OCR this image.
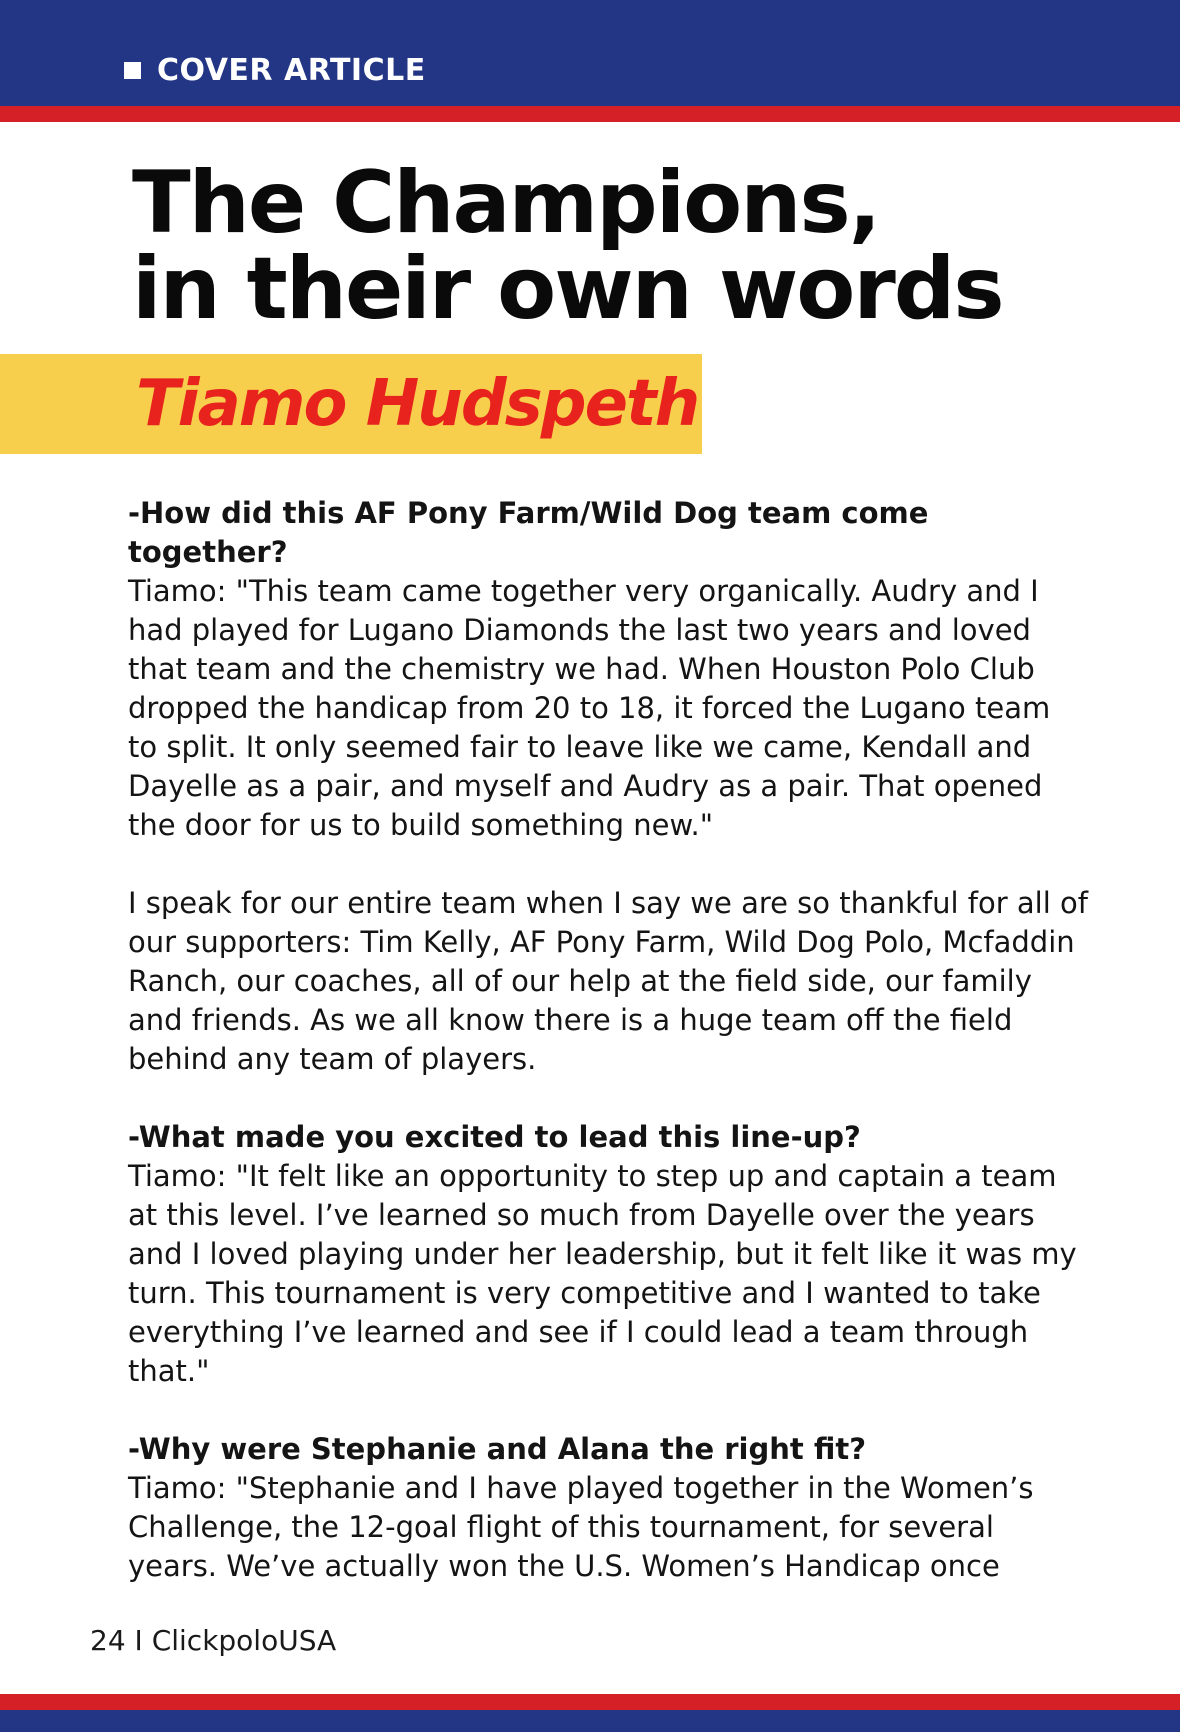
COVER ARTICLE
The Champions,
in their own words
Tiamo Hudspeth

-How did this AF Pony Farm/Wild Dog team come together?

Tiamo: "This team came together very organically. Audry and I had played for Lugano Diamonds the last two years and loved that team and the chemistry we had. When Houston Polo Club dropped the handicap from 20 to 18, it forced the Lugano team to split. It only seemed fair to leave like we came, Kendall and Dayelle as a pair, and myself and Audry as a pair. That opened the door for us to build something new."

I speak for our entire team when I say we are so thankful for all of our supporters: Tim Kelly, AF Pony Farm, Wild Dog Polo, Mcfaddin Ranch, our coaches, all of our help at the field side, our family and friends. As we all know there is a huge team off the field behind any team of players.

-What made you excited to lead this line-up?

Tiamo: "It felt like an opportunity to step up and captain a team at this level. I’ve learned so much from Dayelle over the years and I loved playing under her leadership, but it felt like it was my turn. This tournament is very competitive and I wanted to take everything I’ve learned and see if I could lead a team through that."

-Why were Stephanie and Alana the right fit?

Tiamo: "Stephanie and I have played together in the Women’s Challenge, the 12-goal flight of this tournament, for several years. We’ve actually won the U.S. Women’s Handicap once

24 I ClickpoloUSA
